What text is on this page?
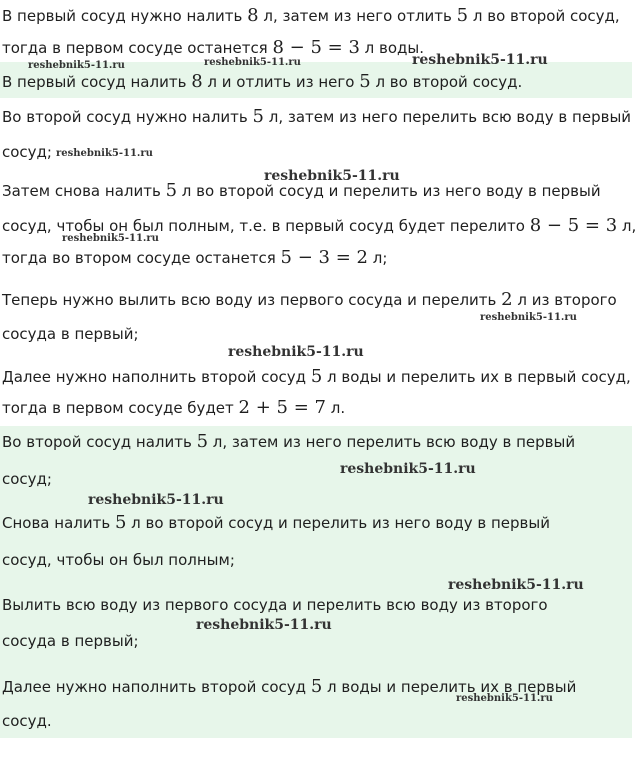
В первый сосуд нужно налить 8 л, затем из него отлить 5 л во второй сосуд,
тогда в первом сосуде останется 8 − 5 = 3 л воды.
В первый сосуд налить 8 л и отлить из него 5 л во второй сосуд.
Во второй сосуд нужно налить 5 л, затем из него перелить всю воду в первый
сосуд;
Затем снова налить 5 л во второй сосуд и перелить из него воду в первый
сосуд, чтобы он был полным, т.е. в первый сосуд будет перелито 8 − 5 = 3 л,
тогда во втором сосуде останется 5 − 3 = 2 л;
Теперь нужно вылить всю воду из первого сосуда и перелить 2 л из второго
сосуда в первый;
Далее нужно наполнить второй сосуд 5 л воды и перелить их в первый сосуд,
тогда в первом сосуде будет 2 + 5 = 7 л.
Во второй сосуд налить 5 л, затем из него перелить всю воду в первый
сосуд;
Снова налить 5 л во второй сосуд и перелить из него воду в первый
сосуд, чтобы он был полным;
Вылить всю воду из первого сосуда и перелить всю воду из второго
сосуда в первый;
Далее нужно наполнить второй сосуд 5 л воды и перелить их в первый
сосуд.
reshebnik5-11.ru	reshebnik5-11.ru	reshebnik5-11.ru
reshebnik5-11.ru
reshebnik5-11.ru
reshebnik5-11.ru
reshebnik5-11.ru
reshebnik5-11.ru
reshebnik5-11.ru
reshebnik5-11.ru
reshebnik5-11.ru
reshebnik5-11.ru
reshebnik5-11.ru
